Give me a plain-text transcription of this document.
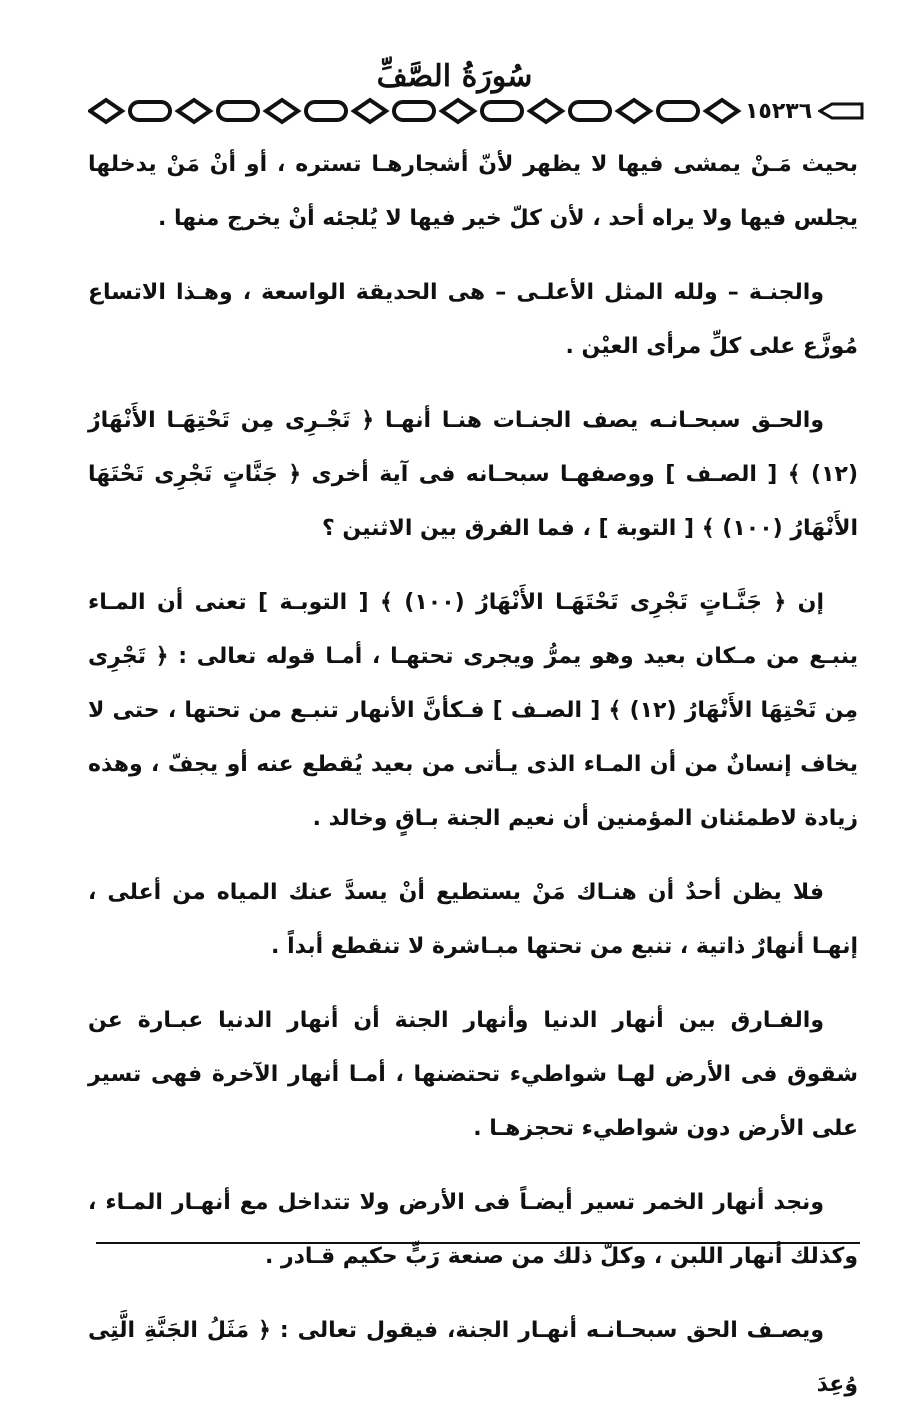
سُورَةُ الصَّفِّ
١٥٢٣٦

بحيث مَـنْ يمشى فيها لا يظهر لأنّ أشجارهـا تستره ، أو أنْ مَنْ يدخلها يجلس فيها ولا يراه أحد ، لأن كلّ خير فيها لا يُلجئه أنْ يخرج منها .

والجنـة – ولله المثل الأعلـى – هى الحديقة الواسعة ، وهـذا الاتساع مُوزَّع على كلِّ مرأى العيْن .

والحـق سبحـانـه يصف الجنـات هنـا أنهـا ﴿ تَجْـرِى مِن تَحْتِهَـا الأَنْهَارُ (١٢) ﴾ [ الصـف ] ووصفهـا سبحـانه فى آية أخرى ﴿ جَنَّاتٍ تَجْرِى تَحْتَهَا الأَنْهَارُ (١٠٠) ﴾ [ التوبة ] ، فما الفرق بين الاثنين ؟

إن ﴿ جَنَّـاتٍ تَجْرِى تَحْتَهَـا الأَنْهَارُ (١٠٠) ﴾ [ التوبـة ] تعنى أن المـاء ينبـع من مـكان بعيد وهو يمرُّ ويجرى تحتهـا ، أمـا قوله تعالى : ﴿ تَجْرِى مِن تَحْتِهَا الأَنْهَارُ (١٢) ﴾ [ الصـف ] فـكأنَّ الأنهار تنبـع من تحتها ، حتى لا يخاف إنسانٌ من أن المـاء الذى يـأتى من بعيد يُقطع عنه أو يجفّ ، وهذه زيادة لاطمئنان المؤمنين أن نعيم الجنة بـاقٍ وخالد .

فلا يظن أحدٌ أن هنـاك مَنْ يستطيع أنْ يسدَّ عنك المياه من أعلى ، إنهـا أنهارٌ ذاتية ، تنبع من تحتها مبـاشرة لا تنقطع أبداً .

والفـارق بين أنهار الدنيا وأنهار الجنة أن أنهار الدنيا عبـارة عن شقوق فى الأرض لهـا شواطيء تحتضنها ، أمـا أنهار الآخرة فهى تسير على الأرض دون شواطيء تحجزهـا .

ونجد أنهار الخمر تسير أيضـاً فى الأرض ولا تتداخل مع أنهـار المـاء ، وكذلك أنهار اللبن ، وكلّ ذلك من صنعة رَبٍّ حكيم قـادر .

ويصـف الحق سبحـانـه أنهـار الجنة، فيقول تعالى : ﴿ مَثَلُ الجَنَّةِ الَّتِى وُعِدَ
